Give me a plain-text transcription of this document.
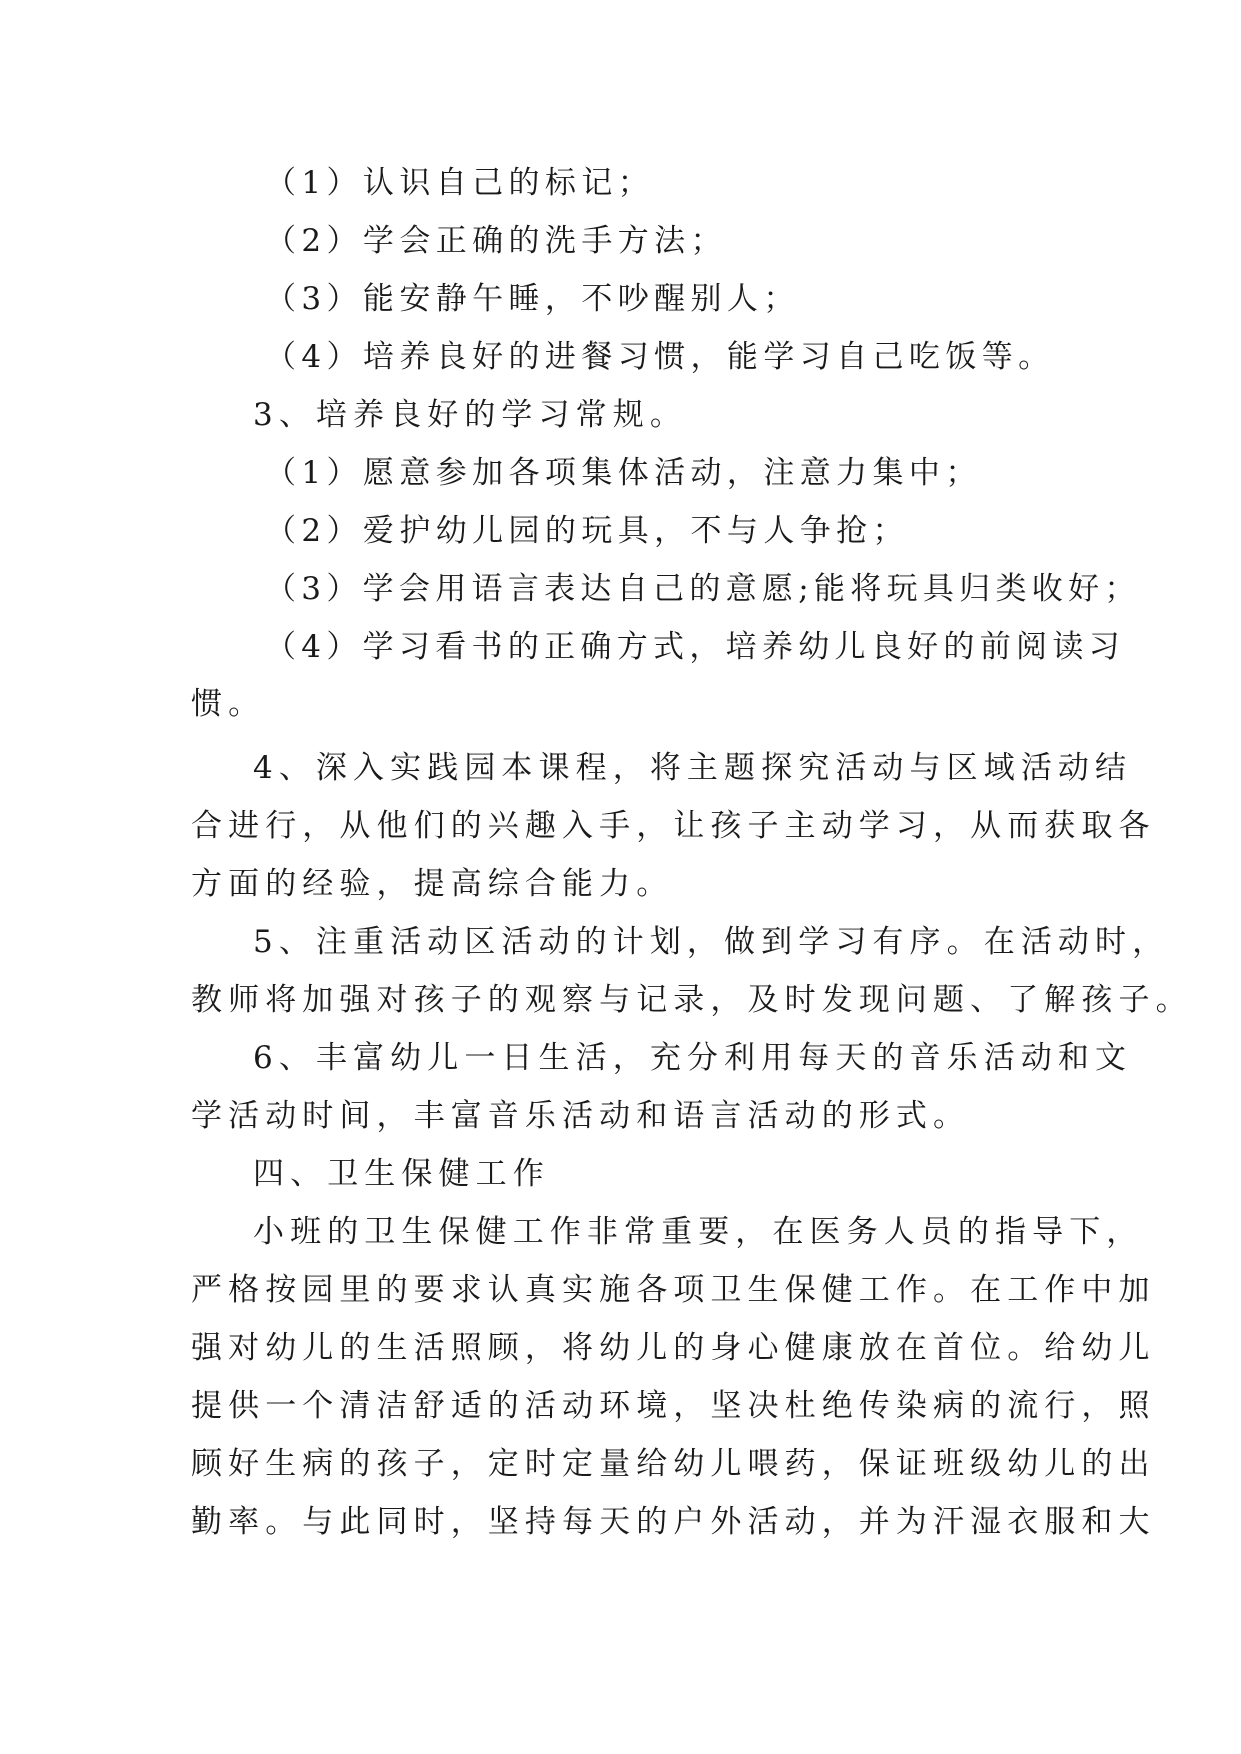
（1）认识自己的标记；
（2）学会正确的洗手方法；
（3）能安静午睡，不吵醒别人；
（4）培养良好的进餐习惯，能学习自己吃饭等。
3、培养良好的学习常规。
（1）愿意参加各项集体活动，注意力集中；
（2）爱护幼儿园的玩具，不与人争抢；
（3）学会用语言表达自己的意愿;能将玩具归类收好；
（4）学习看书的正确方式，培养幼儿良好的前阅读习
惯。
4、深入实践园本课程，将主题探究活动与区域活动结
合进行，从他们的兴趣入手，让孩子主动学习，从而获取各
方面的经验，提高综合能力。
5、注重活动区活动的计划，做到学习有序。在活动时，
教师将加强对孩子的观察与记录，及时发现问题、了解孩子。
6、丰富幼儿一日生活，充分利用每天的音乐活动和文
学活动时间，丰富音乐活动和语言活动的形式。
四、卫生保健工作
小班的卫生保健工作非常重要，在医务人员的指导下，
严格按园里的要求认真实施各项卫生保健工作。在工作中加
强对幼儿的生活照顾，将幼儿的身心健康放在首位。给幼儿
提供一个清洁舒适的活动环境，坚决杜绝传染病的流行，照
顾好生病的孩子，定时定量给幼儿喂药，保证班级幼儿的出
勤率。与此同时，坚持每天的户外活动，并为汗湿衣服和大
